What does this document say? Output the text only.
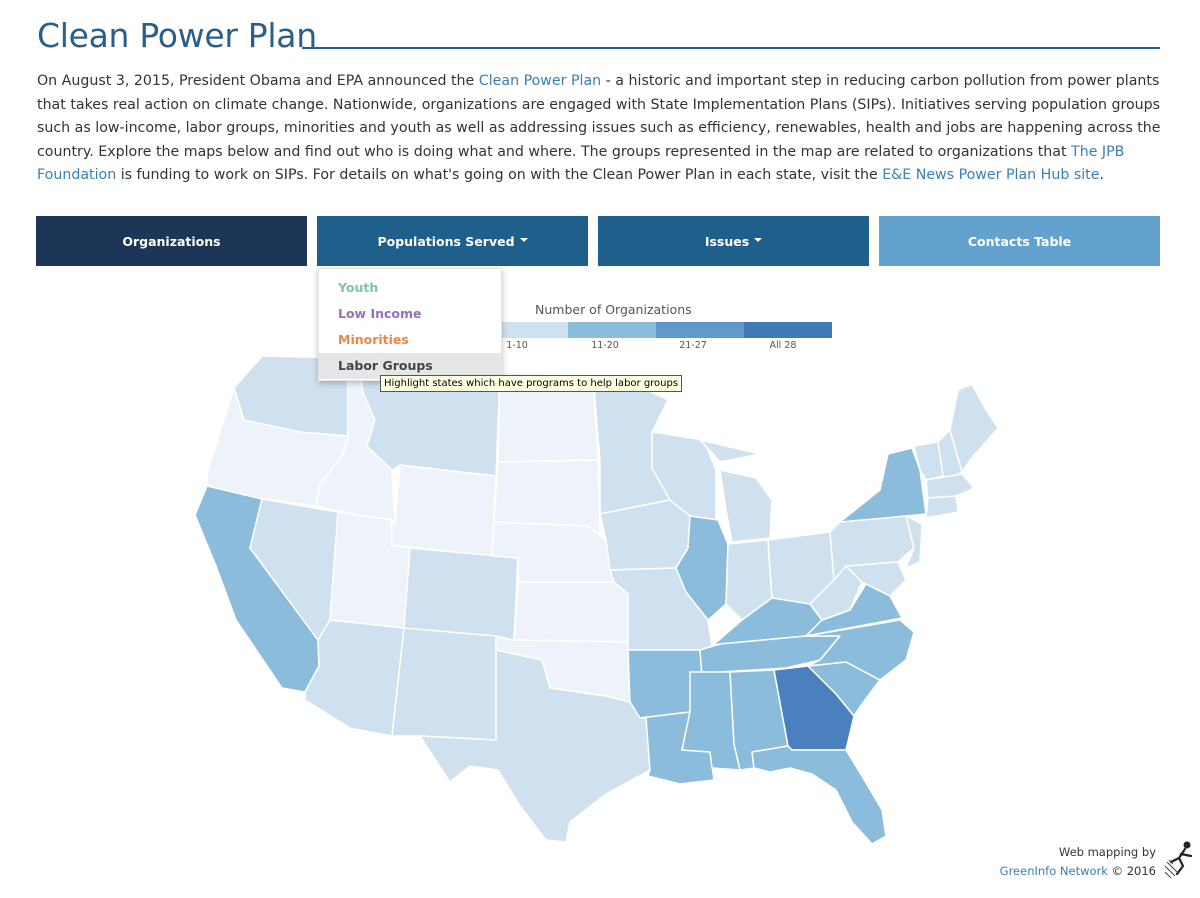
Clean Power Plan
On August 3, 2015, President Obama and EPA announced the Clean Power Plan - a historic and important step in reducing carbon pollution from power plants that takes real action on climate change. Nationwide, organizations are engaged with State Implementation Plans (SIPs). Initiatives serving population groups such as low-income, labor groups, minorities and youth as well as addressing issues such as efficiency, renewables, health and jobs are happening across the country. Explore the maps below and find out who is doing what and where. The groups represented in the map are related to organizations that The JPB Foundation is funding to work on SIPs. For details on what's going on with the Clean Power Plan in each state, visit the E&E News Power Plan Hub site.
Organizations	Populations Served	Issues	Contacts Table
Number of Organizations
1-10	11-20	21-27	All 28
Youth
Low Income
Minorities
Labor Groups
Highlight states which have programs to help labor groups
Web mapping by
GreenInfo Network © 2016
